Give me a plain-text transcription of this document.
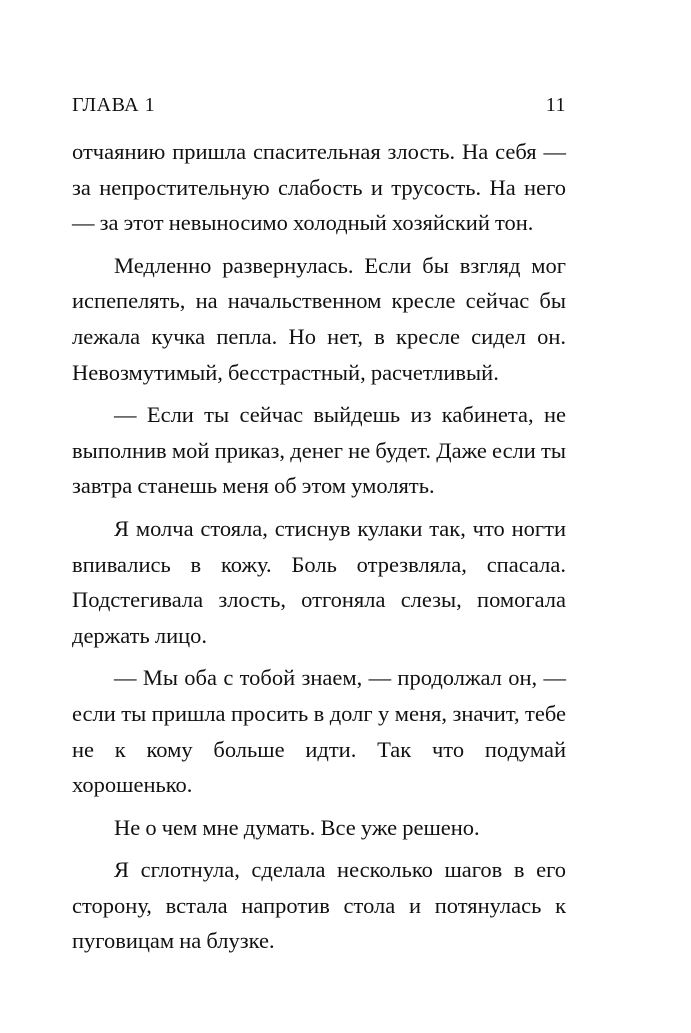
ГЛАВА 1	11

отчаянию пришла спасительная злость. На себя — за непростительную слабость и трусость. На него — за этот невыносимо холодный хозяйский тон.

Медленно развернулась. Если бы взгляд мог испепелять, на начальственном кресле сейчас бы лежала кучка пепла. Но нет, в кресле сидел он. Невозмутимый, бесстрастный, расчетливый.

— Если ты сейчас выйдешь из кабинета, не выполнив мой приказ, денег не будет. Даже если ты завтра станешь меня об этом умолять.

Я молча стояла, стиснув кулаки так, что ногти впивались в кожу. Боль отрезвляла, спасала. Подстегивала злость, отгоняла слезы, помогала держать лицо.

— Мы оба с тобой знаем, — продолжал он, — если ты пришла просить в долг у меня, значит, тебе не к кому больше идти. Так что подумай хорошенько.

Не о чем мне думать. Все уже решено.

Я сглотнула, сделала несколько шагов в его сторону, встала напротив стола и потянулась к пуговицам на блузке.
